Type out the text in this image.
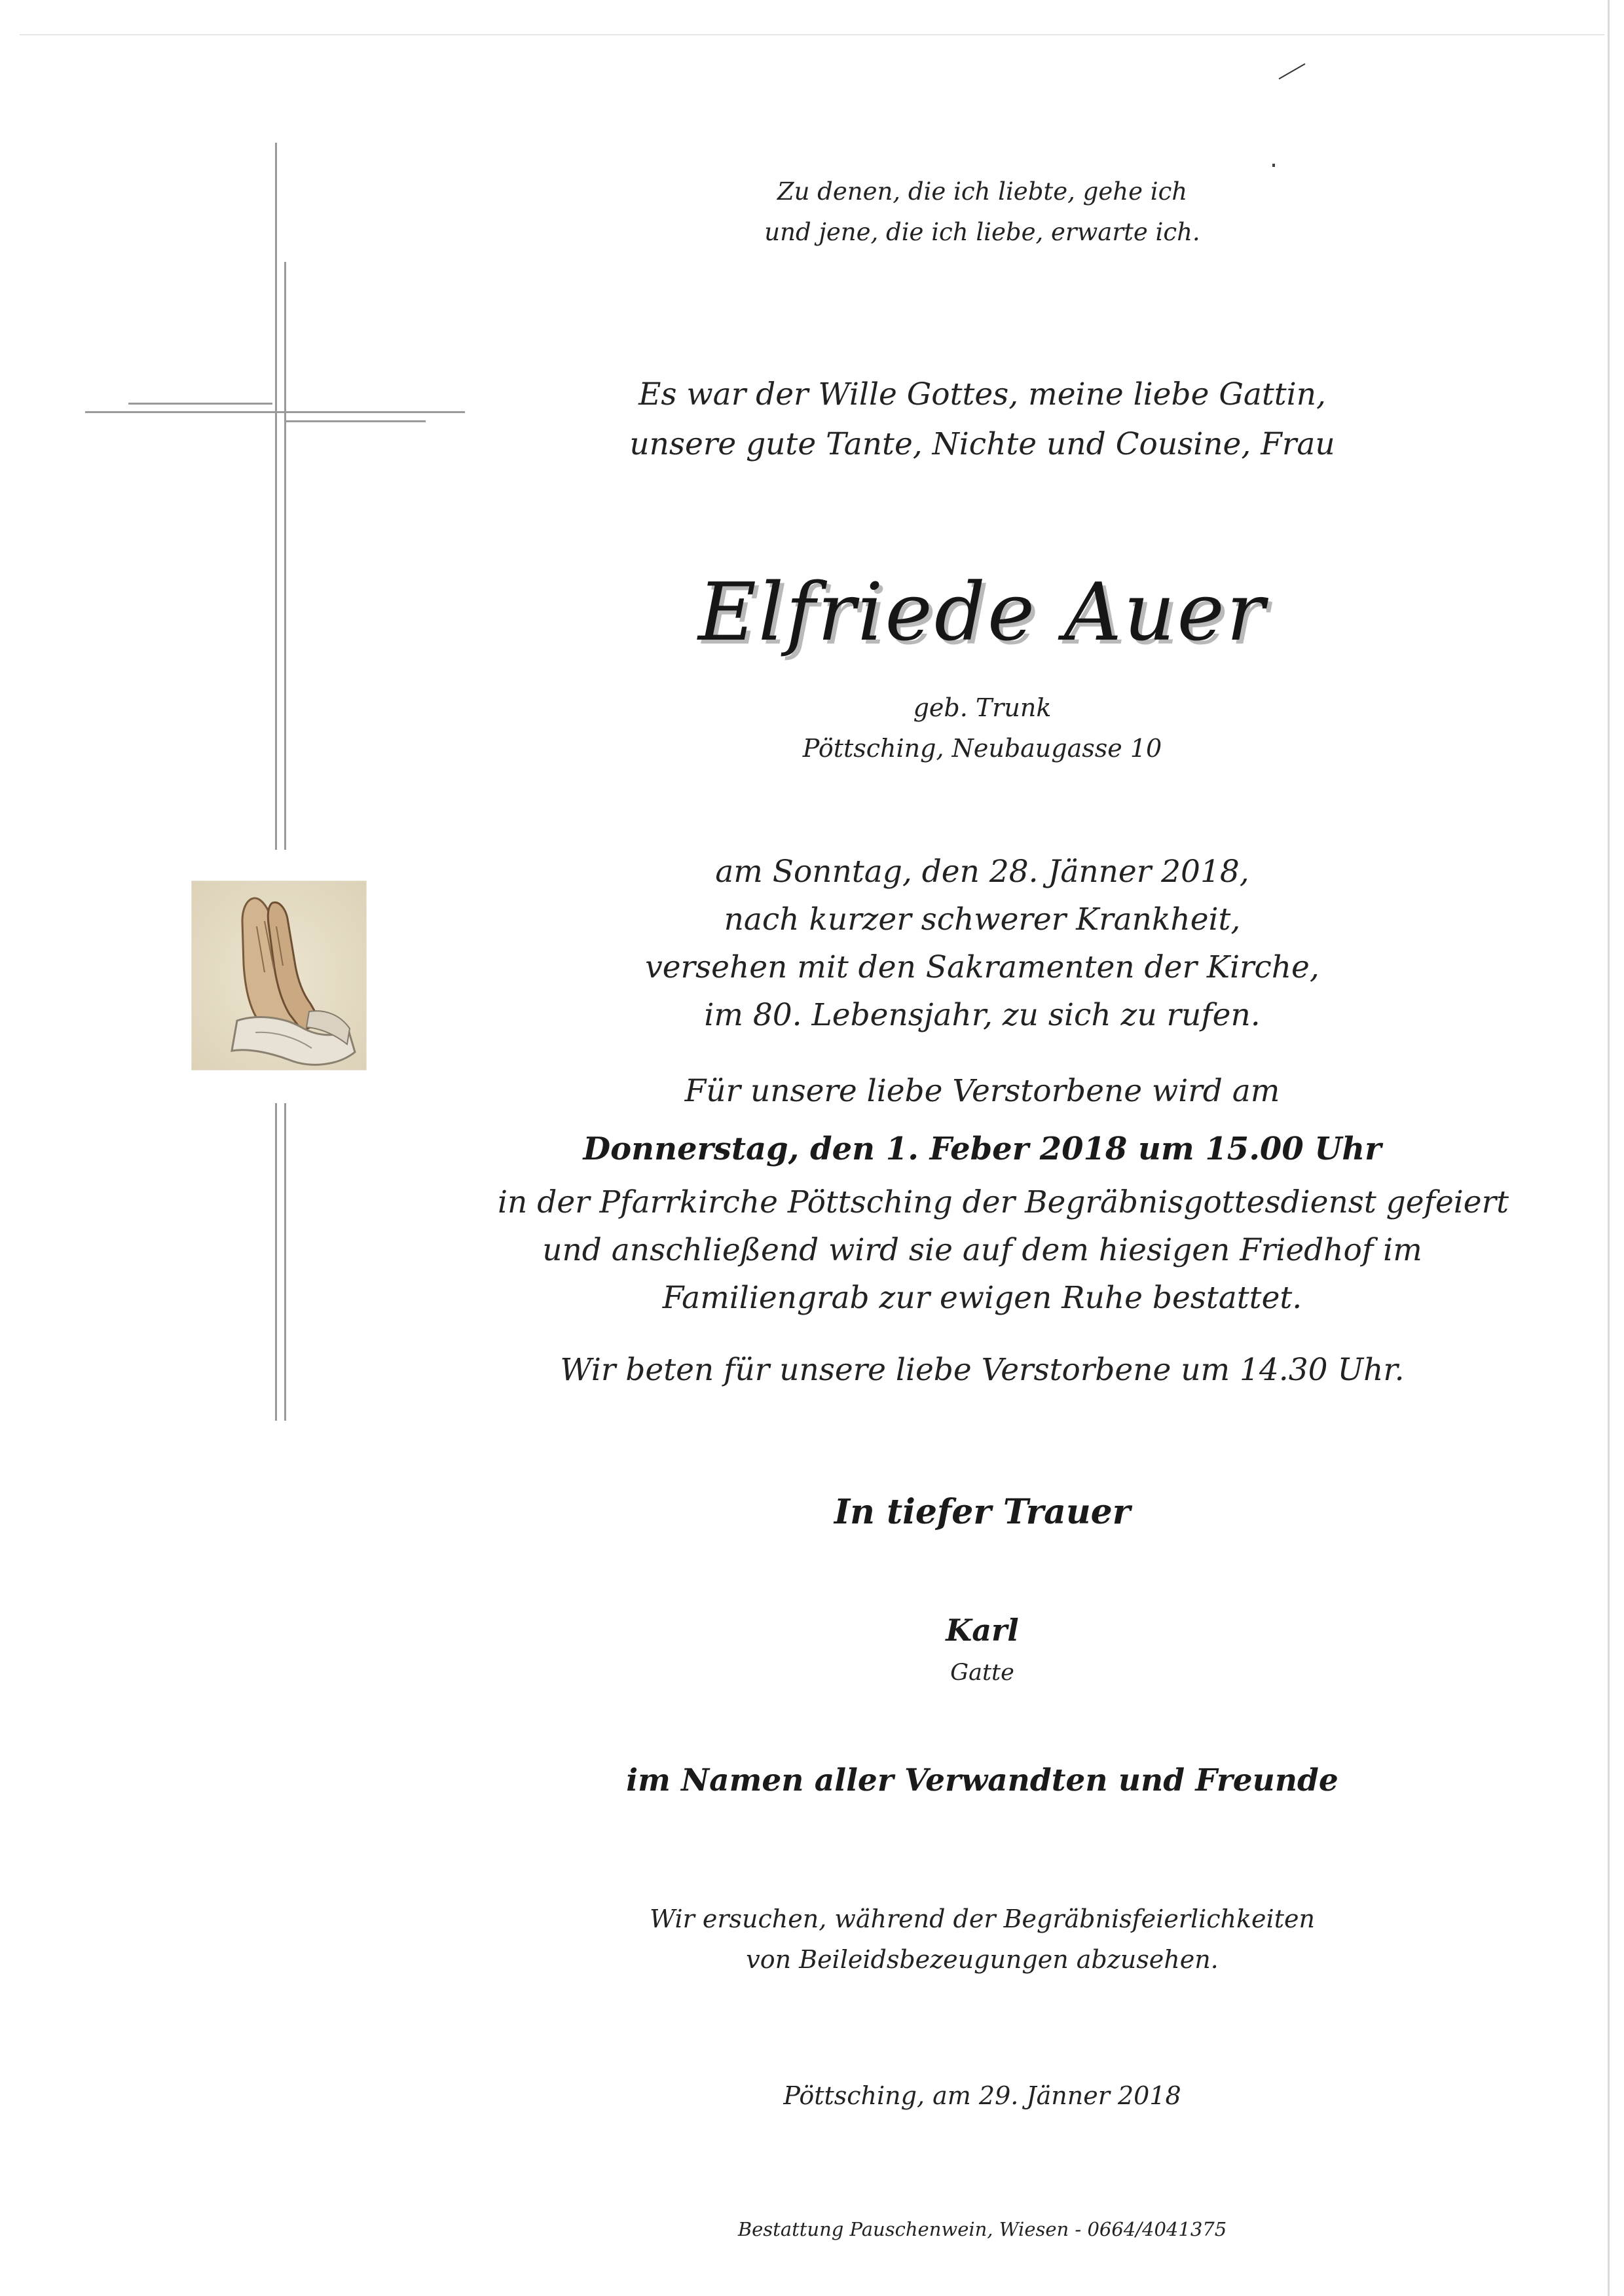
Zu denen, die ich liebte, gehe ich
und jene, die ich liebe, erwarte ich.
Es war der Wille Gottes, meine liebe Gattin,
unsere gute Tante, Nichte und Cousine, Frau
Elfriede Auer
geb. Trunk
Pöttsching, Neubaugasse 10
am Sonntag, den 28. Jänner 2018,
nach kurzer schwerer Krankheit,
versehen mit den Sakramenten der Kirche,
im 80. Lebensjahr, zu sich zu rufen.
Für unsere liebe Verstorbene wird am
Donnerstag, den 1. Feber 2018 um 15.00 Uhr
in der Pfarrkirche Pöttsching der Begräbnisgottesdienst gefeiert
und anschließend wird sie auf dem hiesigen Friedhof im
Familiengrab zur ewigen Ruhe bestattet.
Wir beten für unsere liebe Verstorbene um 14.30 Uhr.
In tiefer Trauer
Karl
Gatte
im Namen aller Verwandten und Freunde
Wir ersuchen, während der Begräbnisfeierlichkeiten
von Beileidsbezeugungen abzusehen.
Pöttsching, am 29. Jänner 2018
Bestattung Pauschenwein, Wiesen - 0664/4041375
